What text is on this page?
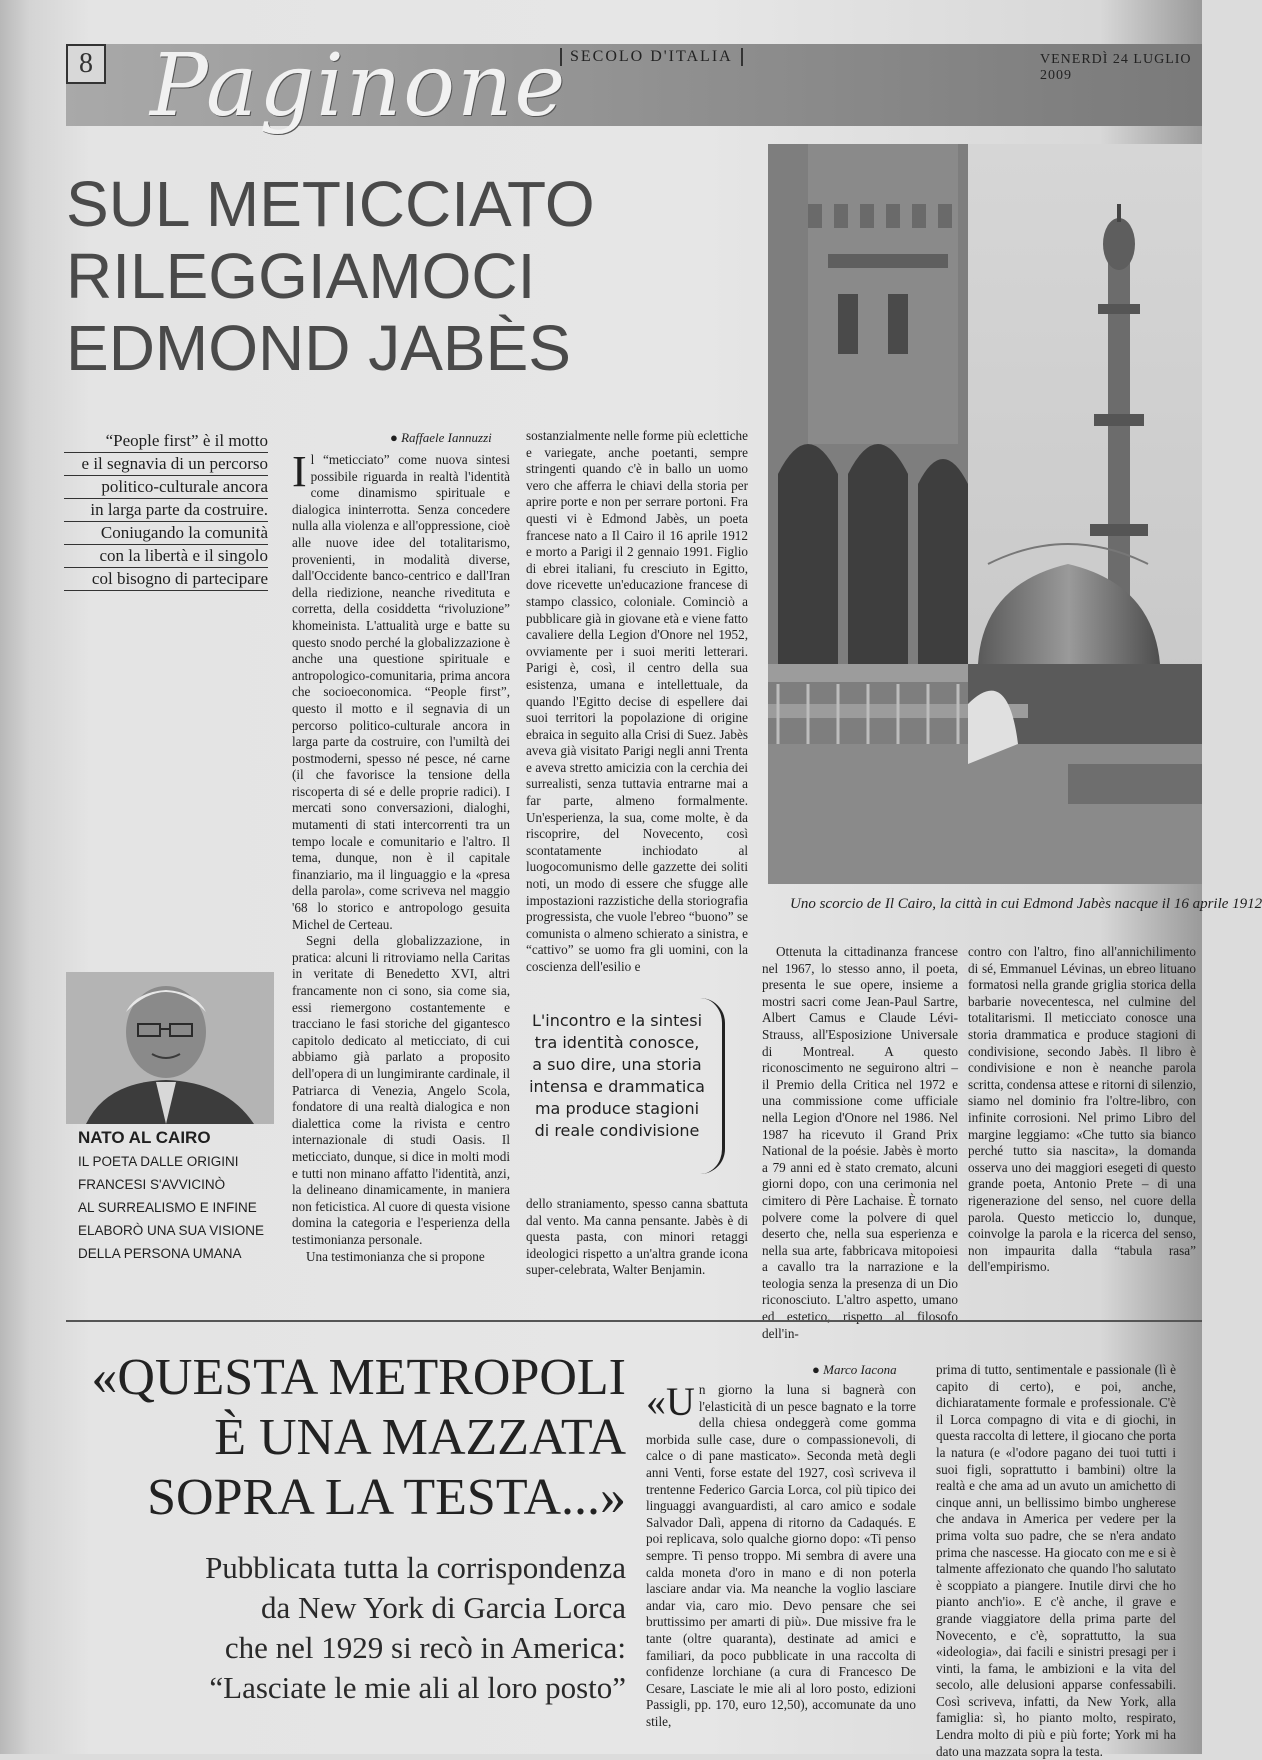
8 Paginone SECOLO D'ITALIA	VENERDÌ 24 LUGLIO 2009
SUL METICCIATO
RILEGGIAMOCI
EDMOND JABÈS
Uno scorcio de Il Cairo, la città in cui Edmond Jabès nacque il 16 aprile 1912
“People first” è il motto
e il segnavia di un percorso
politico-culturale ancora
in larga parte da costruire.
Coniugando la comunità
con la libertà e il singolo
col bisogno di partecipare
● Raffaele Iannuzzi
I l “meticciato” come nuova sintesi possibile riguarda in realtà l'identità come dinamismo spirituale e dialogica ininterrotta. Senza concedere nulla alla violenza e all'oppressione, cioè alle nuove idee del totalitarismo, provenienti, in modalità diverse, dall'Occidente banco-centrico e dall'Iran della riedizione, neanche rivedituta e corretta, della cosiddetta “rivoluzione” khomeinista. L'attualità urge e batte su questo snodo perché la globalizzazione è anche una questione spirituale e antropologico-comunitaria, prima ancora che socioeconomica. “People first”, questo il motto e il segnavia di un percorso politico-culturale ancora in larga parte da costruire, con l'umiltà dei postmoderni, spesso né pesce, né carne (il che favorisce la tensione della riscoperta di sé e delle proprie radici). I mercati sono conversazioni, dialoghi, mutamenti di stati intercorrenti tra un tempo locale e comunitario e l'altro. Il tema, dunque, non è il capitale finanziario, ma il linguaggio e la «presa della parola», come scriveva nel maggio '68 lo storico e antropologo gesuita Michel de Certeau.

Segni della globalizzazione, in pratica: alcuni li ritroviamo nella Caritas in veritate di Benedetto XVI, altri francamente non ci sono, sia come sia, essi riemergono costantemente e tracciano le fasi storiche del gigantesco capitolo dedicato al meticciato, di cui abbiamo già parlato a proposito dell'opera di un lungimirante cardinale, il Patriarca di Venezia, Angelo Scola, fondatore di una realtà dialogica e non dialettica come la rivista e centro internazionale di studi Oasis. Il meticciato, dunque, si dice in molti modi e tutti non minano affatto l'identità, anzi, la delineano dinamicamente, in maniera non feticistica. Al cuore di questa visione domina la categoria e l'esperienza della testimonianza personale.

Una testimonianza che si propone

sostanzialmente nelle forme più eclettiche e variegate, anche poetanti, sempre stringenti quando c'è in ballo un uomo vero che afferra le chiavi della storia per aprire porte e non per serrare portoni. Fra questi vi è Edmond Jabès, un poeta francese nato a Il Cairo il 16 aprile 1912 e morto a Parigi il 2 gennaio 1991. Figlio di ebrei italiani, fu cresciuto in Egitto, dove ricevette un'educazione francese di stampo classico, coloniale. Cominciò a pubblicare già in giovane età e viene fatto cavaliere della Legion d'Onore nel 1952, ovviamente per i suoi meriti letterari. Parigi è, così, il centro della sua esistenza, umana e intellettuale, da quando l'Egitto decise di espellere dai suoi territori la popolazione di origine ebraica in seguito alla Crisi di Suez. Jabès aveva già visitato Parigi negli anni Trenta e aveva stretto amicizia con la cerchia dei surrealisti, senza tuttavia entrarne mai a far parte, almeno formalmente. Un'esperienza, la sua, come molte, è da riscoprire, del Novecento, così scontatamente inchiodato al luogocomunismo delle gazzette dei soliti noti, un modo di essere che sfugge alle impostazioni razzistiche della storiografia progressista, che vuole l'ebreo “buono” se comunista o almeno schierato a sinistra, e “cattivo” se uomo fra gli uomini, con la coscienza dell'esilio e

dello straniamento, spesso canna sbattuta dal vento. Ma canna pensante. Jabès è di questa pasta, con minori retaggi ideologici rispetto a un'altra grande icona super-celebrata, Walter Benjamin.

L'incontro e la sintesi
tra identità conosce,
a suo dire, una storia
intensa e drammatica
ma produce stagioni
di reale condivisione

Ottenuta la cittadinanza francese nel 1967, lo stesso anno, il poeta, presenta le sue opere, insieme a mostri sacri come Jean-Paul Sartre, Albert Camus e Claude Lévi-Strauss, all'Esposizione Universale di Montreal. A questo riconoscimento ne seguirono altri – il Premio della Critica nel 1972 e una commissione come ufficiale nella Legion d'Onore nel 1986. Nel 1987 ha ricevuto il Grand Prix National de la poésie. Jabès è morto a 79 anni ed è stato cremato, alcuni giorni dopo, con una cerimonia nel cimitero di Père Lachaise. È tornato polvere come la polvere di quel deserto che, nella sua esperienza e nella sua arte, fabbricava mitopoiesi a cavallo tra la narrazione e la teologia senza la presenza di un Dio riconosciuto. L'altro aspetto, umano ed estetico, rispetto al filosofo dell'in-

contro con l'altro, fino all'annichilimento di sé, Emmanuel Lévinas, un ebreo lituano formatosi nella grande griglia storica della barbarie novecentesca, nel culmine del totalitarismi. Il meticciato conosce una storia drammatica e produce stagioni di condivisione, secondo Jabès. Il libro è condivisione e non è neanche parola scritta, condensa attese e ritorni di silenzio, siamo nel dominio fra l'oltre-libro, con infinite corrosioni. Nel primo Libro del margine leggiamo: «Che tutto sia bianco perché tutto sia nascita», la domanda osserva uno dei maggiori esegeti di questo grande poeta, Antonio Prete – di una rigenerazione del senso, nel cuore della parola. Questo meticcio lo, dunque, coinvolge la parola e la ricerca del senso, non impaurita dalla “tabula rasa” dell'empirismo.

NATO AL CAIRO
IL POETA DALLE ORIGINI
FRANCESI S'AVVICINÒ
AL SURREALISMO E INFINE
ELABORÒ UNA SUA VISIONE
DELLA PERSONA UMANA
«QUESTA METROPOLI
È UNA MAZZATA
SOPRA LA TESTA...»
Pubblicata tutta la corrispondenza
da New York di Garcia Lorca
che nel 1929 si recò in America:
“Lasciate le mie ali al loro posto”
● Marco Iacona
«U n giorno la luna si bagnerà con l'elasticità di un pesce bagnato e la torre della chiesa ondeggerà come gomma morbida sulle case, dure o compassionevoli, di calce o di pane masticato». Seconda metà degli anni Venti, forse estate del 1927, così scriveva il trentenne Federico Garcia Lorca, col più tipico dei linguaggi avanguardisti, al caro amico e sodale Salvador Dalì, appena di ritorno da Cadaqués. E poi replicava, solo qualche giorno dopo: «Ti penso sempre. Ti penso troppo. Mi sembra di avere una calda moneta d'oro in mano e di non poterla lasciare andar via. Ma neanche la voglio lasciare andar via, caro mio. Devo pensare che sei bruttissimo per amarti di più». Due missive fra le tante (oltre quaranta), destinate ad amici e familiari, da poco pubblicate in una raccolta di confidenze lorchiane (a cura di Francesco De Cesare, Lasciate le mie ali al loro posto, edizioni Passigli, pp. 170, euro 12,50), accomunate da uno stile,

prima di tutto, sentimentale e passionale (lì è capito di certo), e poi, anche, dichiaratamente formale e professionale. C'è il Lorca compagno di vita e di giochi, in questa raccolta di lettere, il giocano che porta la natura (e «l'odore pagano dei tuoi tutti i suoi figli, soprattutto i bambini) oltre la realtà e che ama ad un avuto un amichetto di cinque anni, un bellissimo bimbo ungherese che andava in America per vedere per la prima volta suo padre, che se n'era andato prima che nascesse. Ha giocato con me e si è talmente affezionato che quando l'ho salutato è scoppiato a piangere. Inutile dirvi che ho pianto anch'io». E c'è anche, il grave e grande viaggiatore della prima parte del Novecento, e c'è, soprattutto, la sua «ideologia», dai facili e sinistri presagi per i vinti, la fama, le ambizioni e la vita del secolo, alle delusioni apparse confessabili. Così scriveva, infatti, da New York, alla famiglia: sì, ho pianto molto, respirato, Lendra molto di più e più forte; York mi ha dato una mazzata sopra la testa.
